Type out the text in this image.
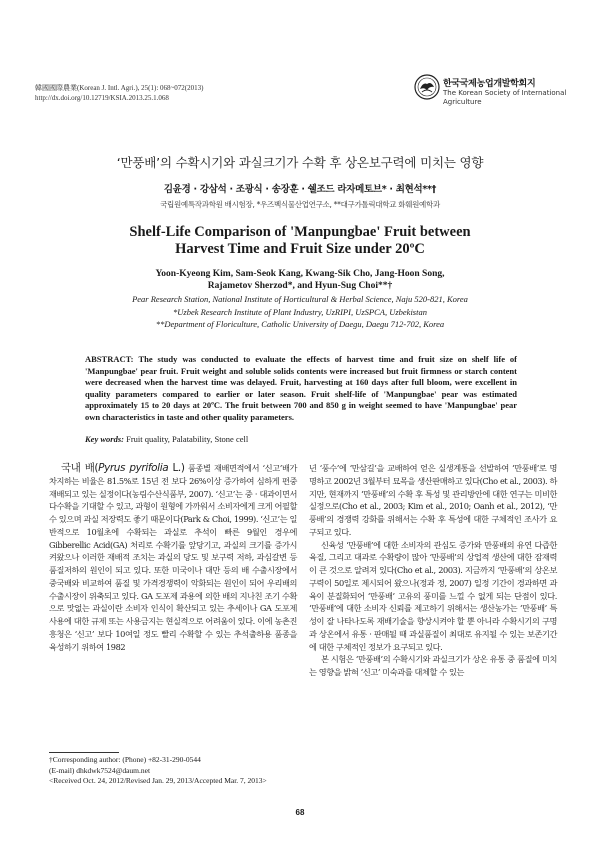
韓國國際農業(Korean J. Intl. Agri.), 25(1): 068~072(2013)
http://dx.doi.org/10.12719/KSIA.2013.25.1.068
한국국제농업개발학회지
The Korean Society of International Agriculture
‘만풍배’의 수확시기와 과실크기가 수확 후 상온보구력에 미치는 영향
김윤경 · 강삼석 · 조광식 · 송장훈 · 쉘조드 라자메토브* · 최현석**†
국립원예특작과학원 배시험장, *우즈벡식물산업연구소, **대구가톨릭대학교 화훼원예학과
Shelf-Life Comparison of 'Manpungbae' Fruit between
Harvest Time and Fruit Size under 20ºC
Yoon-Kyeong Kim, Sam-Seok Kang, Kwang-Sik Cho, Jang-Hoon Song,
Rajametov Sherzod*, and Hyun-Sug Choi**†
Pear Research Station, National Institute of Horticultural & Herbal Science, Naju 520-821, Korea
*Uzbek Research Institute of Plant Industry, UzRIPI, UzSPCA, Uzbekistan
**Department of Floriculture, Catholic University of Daegu, Daegu 712-702, Korea
ABSTRACT: The study was conducted to evaluate the effects of harvest time and fruit size on shelf life of 'Manpungbae' pear fruit. Fruit weight and soluble solids contents were increased but fruit firmness or starch content were decreased when the harvest time was delayed. Fruit, harvesting at 160 days after full bloom, were excellent in quality parameters compared to earlier or later season. Fruit shelf-life of 'Manpungbae' pear was estimated approximately 15 to 20 days at 20ºC. The fruit between 700 and 850 g in weight seemed to have 'Manpungbae' pear own characteristics in taste and other quality parameters.
Key words: Fruit quality, Palatability, Stone cell

국내 배(Pyrus pyrifolia L.) 품종별 재배면적에서 ‘신고’배가 차지하는 비율은 81.5%로 15년 전 보다 26%이상 증가하여 심하게 편중 재배되고 있는 실정이다(농림수산식품부, 2007). ‘신고’는 중 · 대과이면서 다수확을 기대할 수 있고, 과형이 원형에 가까워서 소비자에게 크게 어필할 수 있으며 과실 저장력도 좋기 때문이다(Park & Choi, 1999). ‘신고’는 일반적으로 10월초에 수확되는 과실로 추석이 빠른 9월인 경우에 Gibberellic Acid(GA) 처리로 수확기를 앞당기고, 과실의 크기를 증가시켜왔으나 이러한 재배적 조치는 과실의 당도 및 보구력 저하, 과심갈변 등 품질저하의 원인이 되고 있다. 또한 미국이나 대만 등의 배 수출시장에서 중국배와 비교하여 품질 및 가격경쟁력이 악화되는 원인이 되어 우리배의 수출시장이 위축되고 있다. GA 도포제 과용에 의한 배의 지나친 조기 수확으로 맛없는 과실이란 소비자 인식이 확산되고 있는 추세이나 GA 도포제 사용에 대한 규제 또는 사용금지는 현실적으로 어려움이 있다. 이에 농촌진흥청은 ‘신고’ 보다 10여일 정도 빨리 수확할 수 있는 추석출하용 품종을 육성하기 위하여 1982

년 ‘풍수’에 ‘만삼길’을 교배하여 얻은 실생계통을 선발하여 ‘만풍배’로 명명하고 2002년 3월부터 묘목을 생산판매하고 있다(Cho et al., 2003). 하지만, 현재까지 ‘만풍배’의 수확 후 특성 및 관리방안에 대한 연구는 미비한 실정으로(Cho et al., 2003; Kim et al., 2010; Oanh et al., 2012), ‘만풍배’의 경쟁력 강화를 위해서는 수확 후 특성에 대한 구체적인 조사가 요구되고 있다.

신육성 ‘만풍배’에 대한 소비자의 관심도 증가와 만풍배의 유연 다즙한 육질, 그리고 대과로 수확량이 많아 ‘만풍배’의 상업적 생산에 대한 잠재력이 큰 것으로 알려져 있다(Cho et al., 2003). 지금까지 ‘만풍배’의 상온보구력이 50일로 제시되어 왔으나(정과 정, 2007) 일정 기간이 경과하면 과육이 분질화되어 ‘만풍배’ 고유의 풍미를 느낄 수 없게 되는 단점이 있다. ‘만풍배’에 대한 소비자 신뢰를 제고하기 위해서는 생산농가는 ‘만풍배’ 특성이 잘 나타나도록 재배기술을 향상시켜야 할 뿐 아니라 수확시기의 구명과 상온에서 유통 · 판매될 때 과실품질이 최대로 유지될 수 있는 보존기간에 대한 구체적인 정보가 요구되고 있다.

본 시험은 ‘만풍배’의 수확시기와 과실크기가 상온 유통 중 품질에 미치는 영향을 밝혀 ‘신고’ 미숙과를 대체할 수 있는

†Corresponding author: (Phone) +82-31-290-0544
(E-mail) dhkdwk7524@daum.net
<Received Oct. 24, 2012/Revised Jan. 29, 2013/Accepted Mar. 7, 2013>
68
